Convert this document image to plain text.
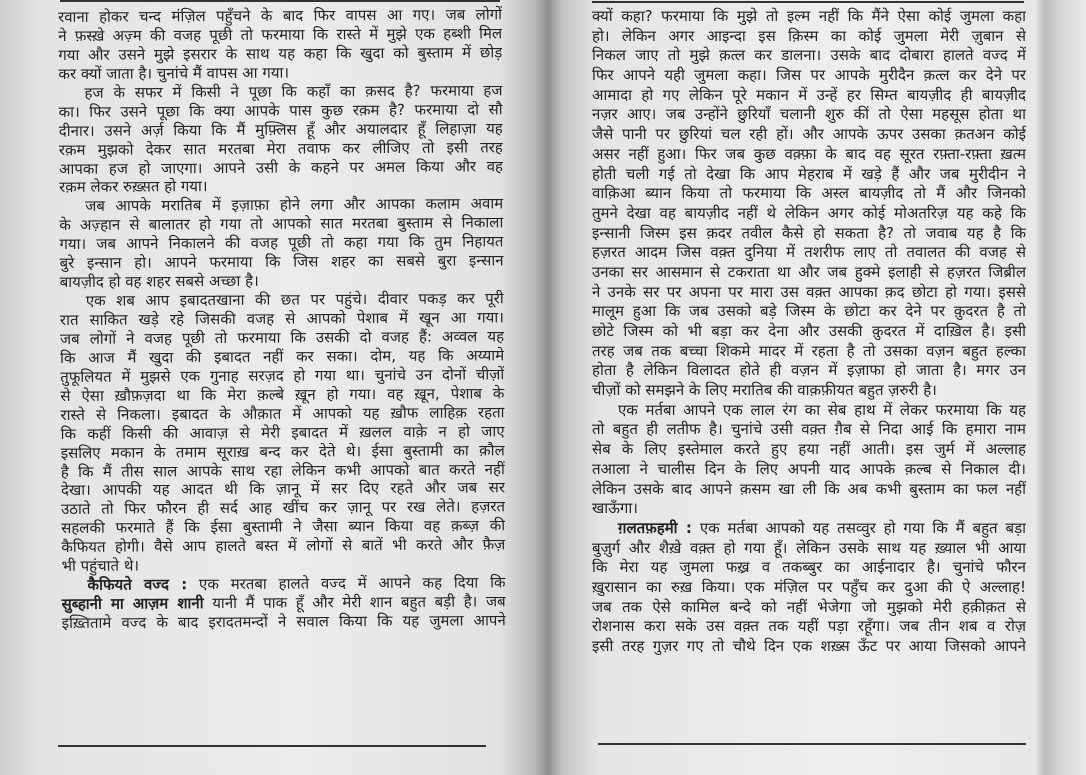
रवाना होकर चन्द मंज़िल पहुँचने के बाद फिर वापस आ गए। जब लोगों
ने फ़स्खे़ अज़्म की वजह पूछी तो फरमाया कि रास्ते में मुझे एक हब्शी मिल
गया और उसने मुझे इसरार के साथ यह कहा कि खुदा को बुस्ताम में छोड़
कर क्यों जाता है। चुनांचे मैं वापस आ गया।
हज के सफर में किसी ने पूछा कि कहाँ का क़सद है? फरमाया हज
का। फिर उसने पूछा कि क्या आपके पास कुछ रक़म है? फरमाया दो सौ
दीनार। उसने अर्ज़ किया कि मैं मुफ़्लिस हूँ और अयालदार हूँ लिहाज़ा यह
रक़म मुझको देकर सात मरतबा मेरा तवाफ कर लीजिए तो इसी तरह
आपका हज हो जाएगा। आपने उसी के कहने पर अमल किया और वह
रक़म लेकर रुख़्सत हो गया।
जब आपके मरातिब में इज़ाफ़ा होने लगा और आपका कलाम अवाम
के अज़्हान से बालातर हो गया तो आपको सात मरतबा बुस्ताम से निकाला
गया। जब आपने निकालने की वजह पूछी तो कहा गया कि तुम निहायत
बुरे इन्सान हो। आपने फरमाया कि जिस शहर का सबसे बुरा इन्सान
बायज़ीद हो वह शहर सबसे अच्छा है।
एक शब आप इबादतखाना की छत पर पहुंचे। दीवार पकड़ कर पूरी
रात साकित खड़े रहे जिसकी वजह से आपको पेशाब में खून आ गया।
जब लोगों ने वजह पूछी तो फरमाया कि उसकी दो वजह हैं: अव्वल यह
कि आज मैं खुदा की इबादत नहीं कर सका। दोम, यह कि अय्यामे
तुफूलियत में मुझसे एक गुनाह सरज़द हो गया था। चुनांचे उन दोनों चीज़ों
से ऐसा ख़ौफ़ज़दा था कि मेरा क़ल्बे ख़ून हो गया। वह ख़ून, पेशाब के
रास्ते से निकला। इबादत के औक़ात में आपको यह ख़ौफ लाहिक़ रहता
कि कहीं किसी की आवाज़ से मेरी इबादत में ख़लल वाक़े न हो जाए
इसलिए मकान के तमाम सूराख़ बन्द कर देते थे। ईसा बुस्तामी का क़ौल
है कि मैं तीस साल आपके साथ रहा लेकिन कभी आपको बात करते नहीं
देखा। आपकी यह आदत थी कि ज़ानू में सर दिए रहते और जब सर
उठाते तो फिर फौरन ही सर्द आह खींच कर ज़ानू पर रख लेते। हज़रत
सहलकी फरमाते हैं कि ईसा बुस्तामी ने जैसा ब्यान किया वह क़ब्ज़ की
कैफियत होगी। वैसे आप हालते बस्त में लोगों से बातें भी करते और फ़ैज़
भी पहुंचाते थे।
कैफियते वज्द : एक मरतबा हालते वज्द में आपने कह दिया कि
सुब्हानी मा आज़म शानी यानी मैं पाक हूँ और मेरी शान बहुत बड़ी है। जब
इख़्तितामे वज्द के बाद इरादतमन्दों ने सवाल किया कि यह जुमला आपने
क्यों कहा? फरमाया कि मुझे तो इल्म नहीं कि मैंने ऐसा कोई जुमला कहा
हो। लेकिन अगर आइन्दा इस क़िस्म का कोई जुमला मेरी ज़ुबान से
निकल जाए तो मुझे क़त्ल कर डालना। उसके बाद दोबारा हालते वज्द में
फिर आपने यही जुमला कहा। जिस पर आपके मुरीदैन क़त्ल कर देने पर
आमादा हो गए लेकिन पूरे मकान में उन्हें हर सिम्त बायज़ीद ही बायज़ीद
नज़र आए। जब उन्होंने छुरियाँ चलानी शुरु कीं तो ऐसा महसूस होता था
जैसे पानी पर छुरियां चल रही हों। और आपके ऊपर उसका क़तअन कोई
असर नहीं हुआ। फिर जब कुछ वक़्फ़ा के बाद वह सूरत रफ़्ता-रफ़्ता ख़त्म
होती चली गई तो देखा कि आप मेहराब में खड़े हैं और जब मुरीदीन ने
वाक़िआ ब्यान किया तो फरमाया कि अस्ल बायज़ीद तो मैं और जिनको
तुमने देखा वह बायज़ीद नहीं थे लेकिन अगर कोई मोअतरिज़ यह कहे कि
इन्सानी जिस्म इस क़दर तवील कैसे हो सकता है? तो जवाब यह है कि
हज़रत आदम जिस वक़्त दुनिया में तशरीफ लाए तो तवालत की वजह से
उनका सर आसमान से टकराता था और जब हुक्मे इलाही से हज़रत जिब्रील
ने उनके सर पर अपना पर मारा उस वक़्त आपका क़द छोटा हो गया। इससे
मालूम हुआ कि जब उसको बड़े जिस्म के छोटा कर देने पर क़ुदरत है तो
छोटे जिस्म को भी बड़ा कर देना और उसकी क़ुदरत में दाख़िल है। इसी
तरह जब तक बच्चा शिकमे मादर में रहता है तो उसका वज़न बहुत हल्का
होता है लेकिन विलादत होते ही वज़न में इज़ाफा हो जाता है। मगर उन
चीज़ों को समझने के लिए मरातिब की वाक़फ़ीयत बहुत ज़रुरी है।
एक मर्तबा आपने एक लाल रंग का सेब हाथ में लेकर फरमाया कि यह
तो बहुत ही लतीफ है। चुनांचे उसी वक़्त ग़ैब से निदा आई कि हमारा नाम
सेब के लिए इस्तेमाल करते हुए हया नहीं आती। इस जुर्म में अल्लाह
तआला ने चालीस दिन के लिए अपनी याद आपके क़ल्ब से निकाल दी।
लेकिन उसके बाद आपने क़सम खा ली कि अब कभी बुस्ताम का फल नहीं
खाऊँगा।
ग़लतफ़हमी : एक मर्तबा आपको यह तसव्वुर हो गया कि मैं बहुत बड़ा
बुज़ुर्ग और शैख़े वक़्त हो गया हूँ। लेकिन उसके साथ यह ख़्याल भी आया
कि मेरा यह जुमला फख़्र व तकब्बुर का आईनादार है। चुनांचे फौरन
ख़ुरासान का रुख़ किया। एक मंज़िल पर पहुँच कर दुआ की ऐ अल्लाह!
जब तक ऐसे कामिल बन्दे को नहीं भेजेगा जो मुझको मेरी हक़ीक़त से
रोशनास करा सके उस वक़्त तक यहीं पड़ा रहूँगा। जब तीन शब व रोज़
इसी तरह गुज़र गए तो चौथे दिन एक शख़्स ऊँट पर आया जिसको आपने
